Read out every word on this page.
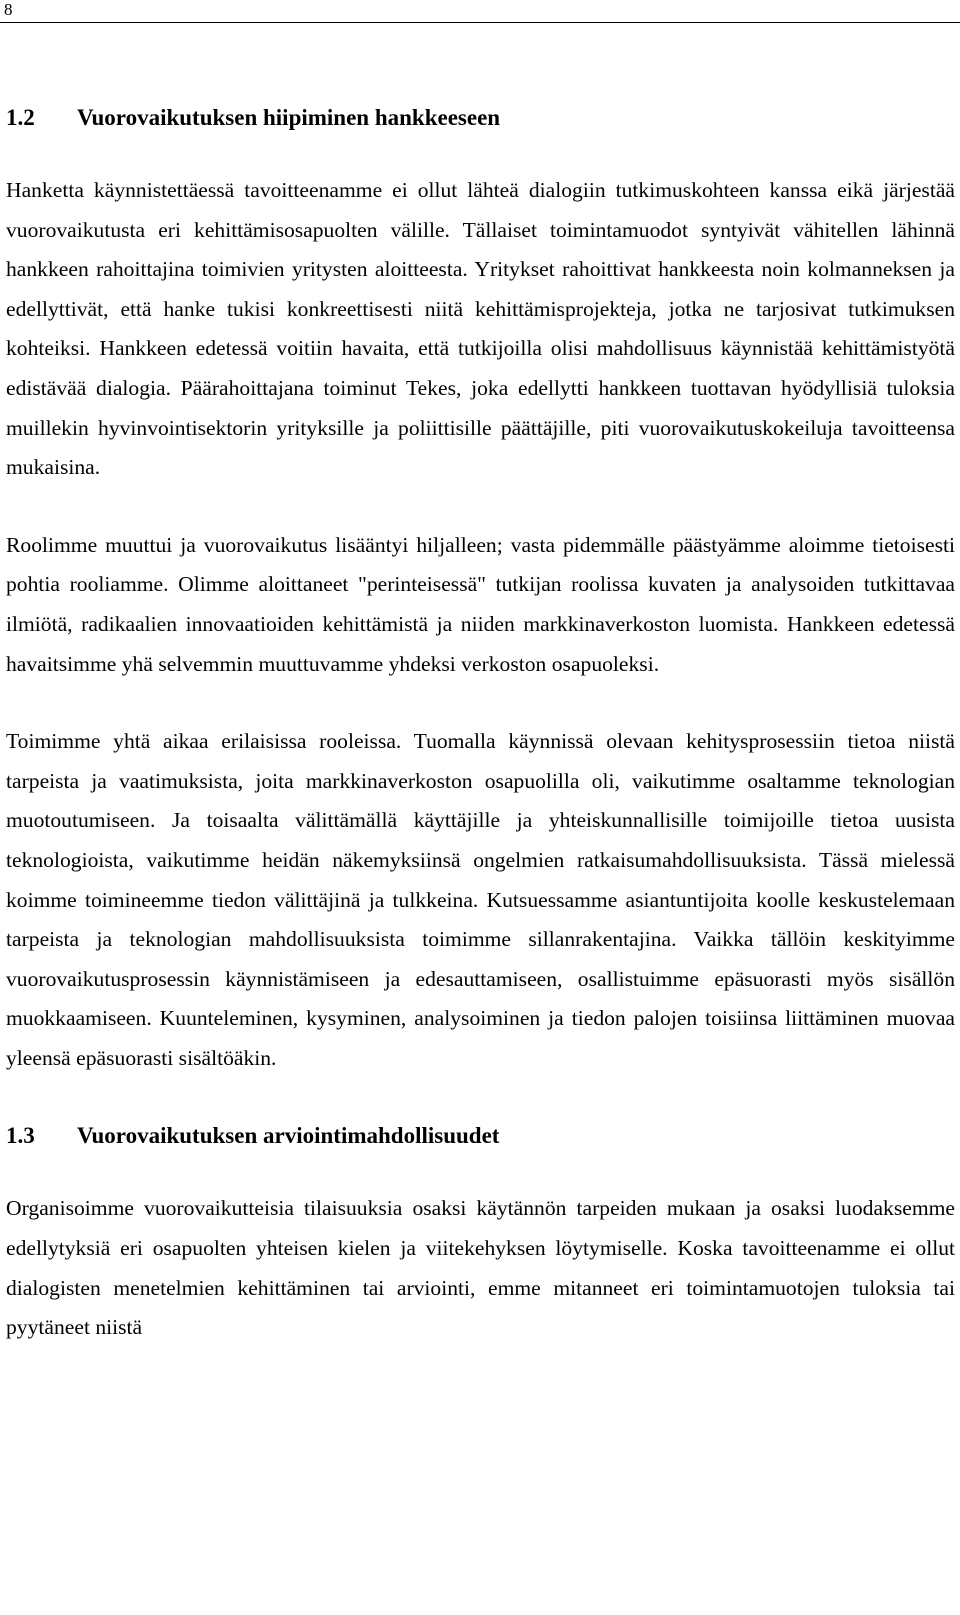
8
1.2	Vuorovaikutuksen hiipiminen hankkeeseen

Hanketta käynnistettäessä tavoitteenamme ei ollut lähteä dialogiin tutkimuskohteen kanssa eikä järjestää vuorovaikutusta eri kehittämisosapuolten välille. Tällaiset toimintamuodot syntyivät vähitellen lähinnä hankkeen rahoittajina toimivien yritysten aloitteesta. Yritykset rahoittivat hankkeesta noin kolmanneksen ja edellyttivät, että hanke tukisi konkreettisesti niitä kehittämisprojekteja, jotka ne tarjosivat tutkimuksen kohteiksi. Hankkeen edetessä voitiin havaita, että tutkijoilla olisi mahdollisuus käynnistää kehittämistyötä edistävää dialogia. Päärahoittajana toiminut Tekes, joka edellytti hankkeen tuottavan hyödyllisiä tuloksia muillekin hyvinvointisektorin yrityksille ja poliittisille päättäjille, piti vuorovaikutuskokeiluja tavoitteensa mukaisina.

Roolimme muuttui ja vuorovaikutus lisääntyi hiljalleen; vasta pidemmälle päästyämme aloimme tietoisesti pohtia rooliamme. Olimme aloittaneet "perinteisessä" tutkijan roolissa kuvaten ja analysoiden tutkittavaa ilmiötä, radikaalien innovaatioiden kehittämistä ja niiden markkinaverkoston luomista. Hankkeen edetessä havaitsimme yhä selvemmin muuttuvamme yhdeksi verkoston osapuoleksi.

Toimimme yhtä aikaa erilaisissa rooleissa. Tuomalla käynnissä olevaan kehitysprosessiin tietoa niistä tarpeista ja vaatimuksista, joita markkinaverkoston osapuolilla oli, vaikutimme osaltamme teknologian muotoutumiseen. Ja toisaalta välittämällä käyttäjille ja yhteiskunnallisille toimijoille tietoa uusista teknologioista, vaikutimme heidän näkemyksiinsä ongelmien ratkaisumahdollisuuksista. Tässä mielessä koimme toimineemme tiedon välittäjinä ja tulkkeina. Kutsuessamme asiantuntijoita koolle keskustelemaan tarpeista ja teknologian mahdollisuuksista toimimme sillanrakentajina. Vaikka tällöin keskityimme vuorovaikutusprosessin käynnistämiseen ja edesauttamiseen, osallistuimme epäsuorasti myös sisällön muokkaamiseen. Kuunteleminen, kysyminen, analysoiminen ja tiedon palojen toisiinsa liittäminen muovaa yleensä epäsuorasti sisältöäkin.

1.3	Vuorovaikutuksen arviointimahdollisuudet

Organisoimme vuorovaikutteisia tilaisuuksia osaksi käytännön tarpeiden mukaan ja osaksi luodaksemme edellytyksiä eri osapuolten yhteisen kielen ja viitekehyksen löytymiselle. Koska tavoitteenamme ei ollut dialogisten menetelmien kehittäminen tai arviointi, emme mitanneet eri toimintamuotojen tuloksia tai pyytäneet niistä
